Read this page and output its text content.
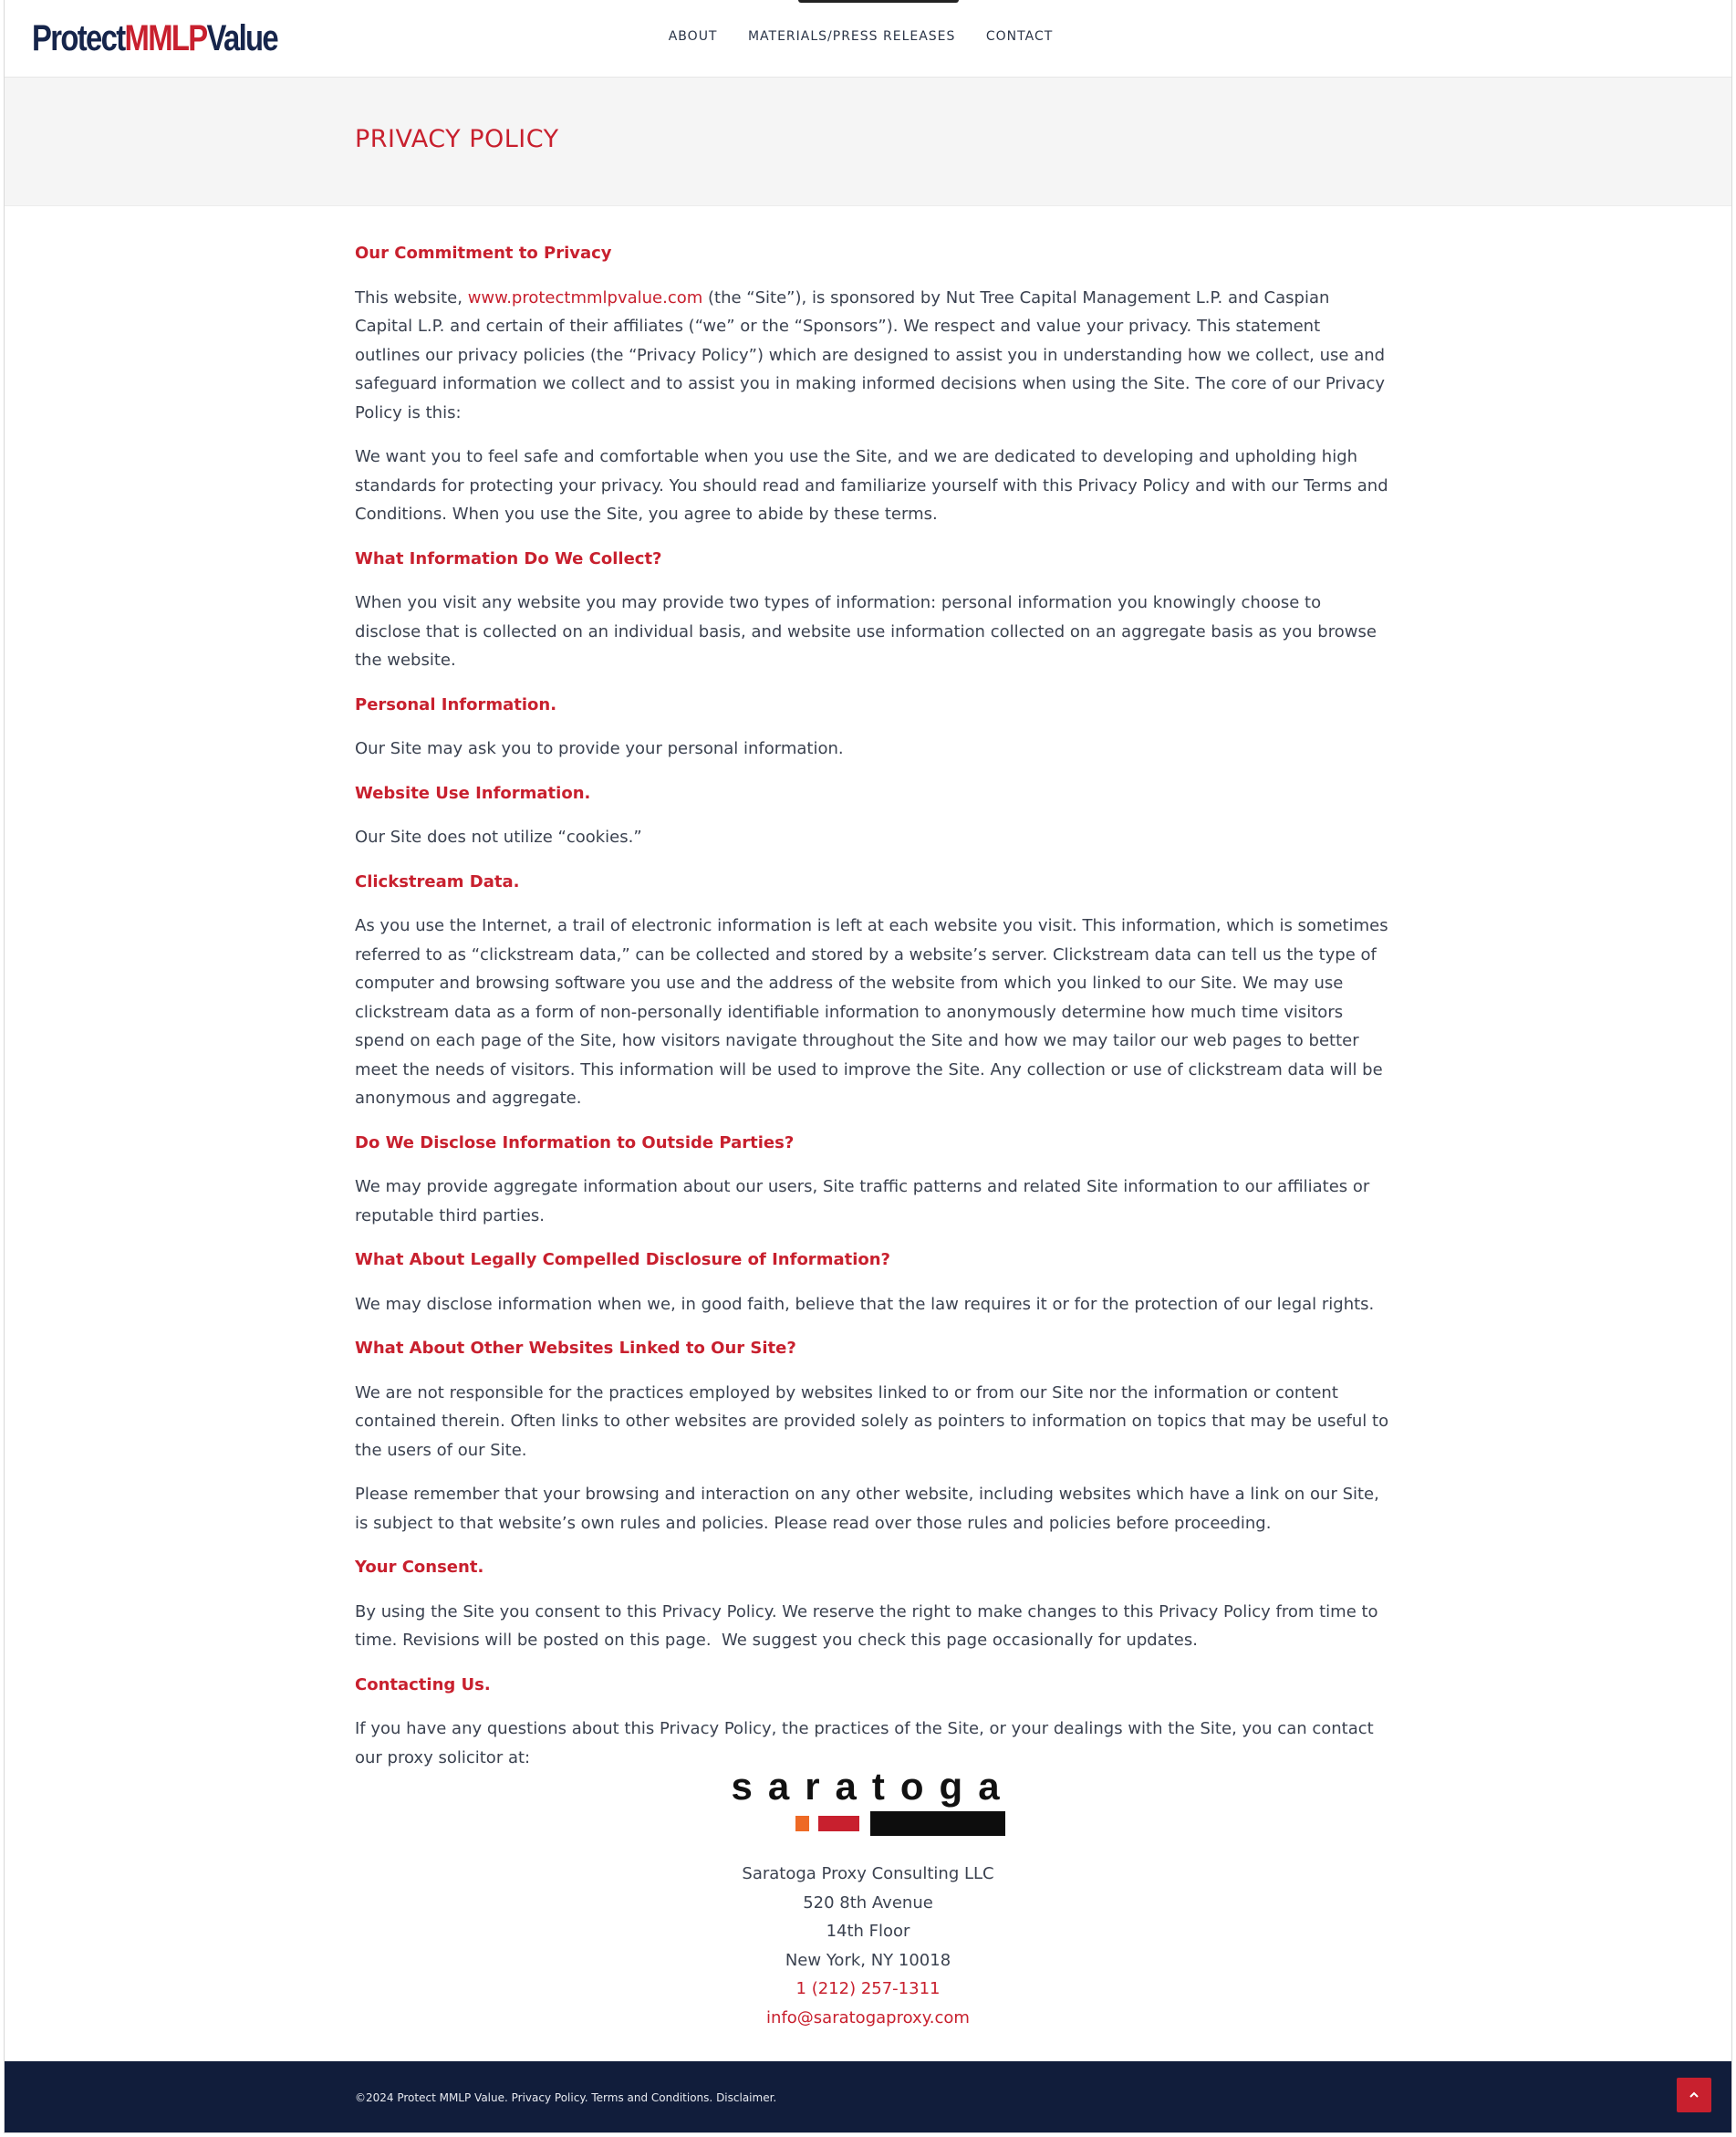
ProtectMMLPValue	ABOUT MATERIALS/PRESS RELEASES CONTACT
PRIVACY POLICY
Our Commitment to Privacy

This website, www.protectmmlpvalue.com (the “Site”), is sponsored by Nut Tree Capital Management L.P. and Caspian Capital L.P. and certain of their affiliates (“we” or the “Sponsors”). We respect and value your privacy. This statement outlines our privacy policies (the “Privacy Policy”) which are designed to assist you in understanding how we collect, use and safeguard information we collect and to assist you in making informed decisions when using the Site. The core of our Privacy Policy is this:

We want you to feel safe and comfortable when you use the Site, and we are dedicated to developing and upholding high standards for protecting your privacy. You should read and familiarize yourself with this Privacy Policy and with our Terms and Conditions. When you use the Site, you agree to abide by these terms.

What Information Do We Collect?

When you visit any website you may provide two types of information: personal information you knowingly choose to disclose that is collected on an individual basis, and website use information collected on an aggregate basis as you browse the website.

Personal Information.

Our Site may ask you to provide your personal information.

Website Use Information.

Our Site does not utilize “cookies.”

Clickstream Data.

As you use the Internet, a trail of electronic information is left at each website you visit. This information, which is sometimes referred to as “clickstream data,” can be collected and stored by a website’s server. Clickstream data can tell us the type of computer and browsing software you use and the address of the website from which you linked to our Site. We may use clickstream data as a form of non-personally identifiable information to anonymously determine how much time visitors spend on each page of the Site, how visitors navigate throughout the Site and how we may tailor our web pages to better meet the needs of visitors. This information will be used to improve the Site. Any collection or use of clickstream data will be anonymous and aggregate.

Do We Disclose Information to Outside Parties?

We may provide aggregate information about our users, Site traffic patterns and related Site information to our affiliates or reputable third parties.

What About Legally Compelled Disclosure of Information?

We may disclose information when we, in good faith, believe that the law requires it or for the protection of our legal rights.

What About Other Websites Linked to Our Site?

We are not responsible for the practices employed by websites linked to or from our Site nor the information or content contained therein. Often links to other websites are provided solely as pointers to information on topics that may be useful to the users of our Site.

Please remember that your browsing and interaction on any other website, including websites which have a link on our Site, is subject to that website’s own rules and policies. Please read over those rules and policies before proceeding.

Your Consent.

By using the Site you consent to this Privacy Policy. We reserve the right to make changes to this Privacy Policy from time to time. Revisions will be posted on this page.  We suggest you check this page occasionally for updates.

Contacting Us.

If you have any questions about this Privacy Policy, the practices of the Site, or your dealings with the Site, you can contact our proxy solicitor at:

saratoga
Saratoga Proxy Consulting LLC
520 8th Avenue
14th Floor
New York, NY 10018
1 (212) 257-1311
info@saratogaproxy.com
©2024 Protect MMLP Value. Privacy Policy. Terms and Conditions. Disclaimer.
